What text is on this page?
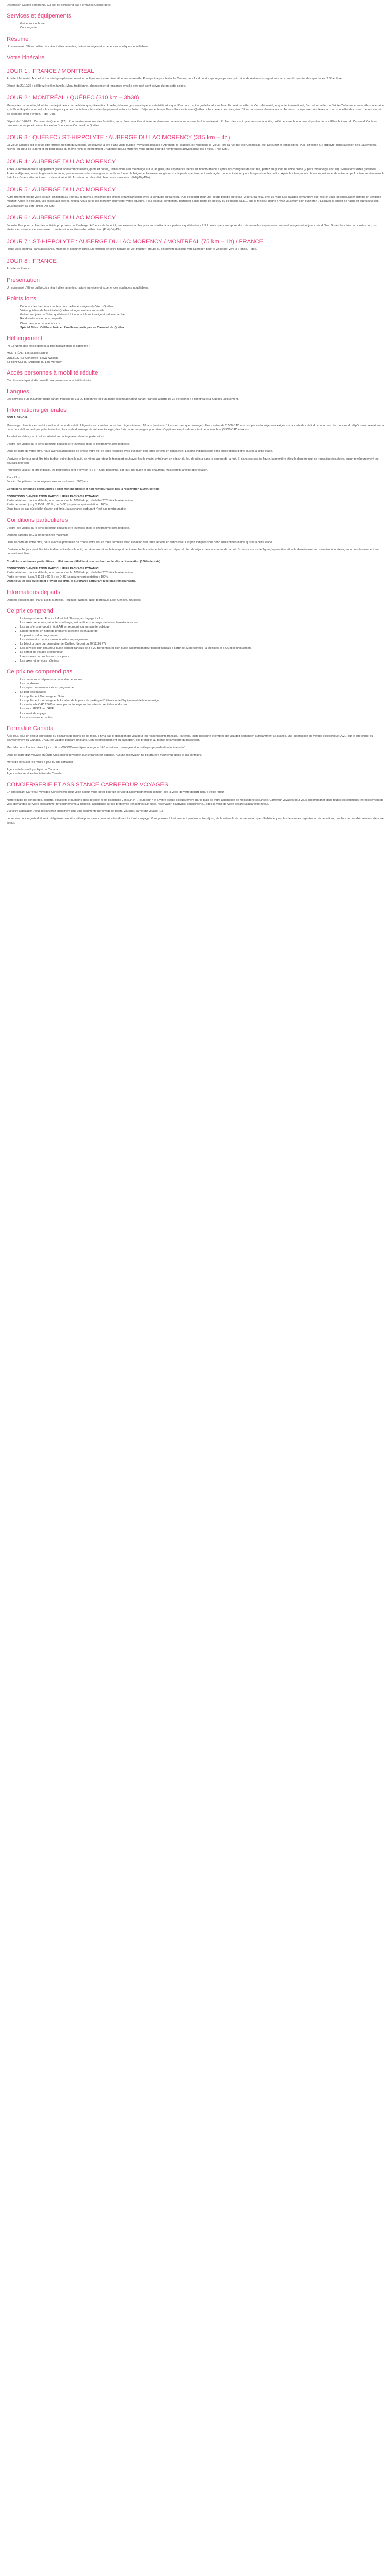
Description Ca prix comprend / Ca prix ne comprend pas Formalités Conciergerie
Services et équipements
• Guide francophone
• Conciergerie
Résumé

Un concentré d'élève québécois mêlant villes animées, nature enneigée et expériences nordiques inoubliables.

Votre itinéraire
JOUR 1 : FRANCE / MONTREAL

Arrivée à Montréal. Accueil et transfert groupé ou en navette publique vers votre hôtel situé au centre-ville. Pourquoi ne pas tester Le Central, ce « food court » qui regroupe une quinzaine de restaurants signatures, au cœur du quartier des spectacles ? Dîner libre.

Départ du 20/12/26 : célébrez Noël en famille. Menu traditionnel, chansonnier et rencontre avec le père noël sont prévus durant cette soirée.

JOUR 2 : MONTRÉAL / QUÉBEC (310 km – 3h30)

Métropole cosmopolite, Montréal marie joliment charme historique, diversité culturelle, richesse gastronomique et créativité artistique. Parcourez, votre guide local vous fera découvrir sa ville : le Vieux-Montréal, le quartier international, l'incontournable rue Sainte-Catherine et sa « ville souterraine », le Mont-Royal surnommé « la montagne » par les montréalais, le stade olympique et sa tour inclinée… Déjeuner et temps libres. Puis route vers Québec, ville cheveuchée française. Dîner dans une cabane à sucre. Au menu : soupe aux pois, fèves aux lards, oreilles de crisse… le tout arrosé de délicieux sirop d'érable. (Pdéj-Dîn).

Départ du 13/02/27 : Carnaval de Québec (12) : Pour ne rien manquer des festivités, votre dîner sera libre et le repas dans une cabane à sucre sera livré le lendemain. Profitez de ce soir pour assister à la fête, coiffé de votre bonhomme et profiter de la célèbre boisson du Carnaval, Caribou, remontez le temps et croisez le célèbre Bonhomme Carnaval de Québec.

JOUR 3 : QUÉBEC / ST-HIPPOLYTE : AUBERGE DU LAC MORENCY (315 km – 4h)

La Vieux-Québec est le seule cité fortifiée au nord du Mexique. Découvrez-la lors d'une visite guidée : voyez les palaces d'Abraham, la citadelle, le Parlement, le Vieux-Port, la rue du Petit-Champlain, etc. Déjeuner et temps libres. Puis, direction St-Hippolyte, dans la région des Laurentides. Nichée au cœur de la forêt et au bord du lac du même nom, l'Hébergement L'Auberge du Lac Morency, vous attend pour de nombreuses activités pour les 4 nuits. (Pdéj-Dîn).

JOUR 4 : AUBERGE DU LAC MORENCY

Après la remise de votre équipement grand froid (combinaisons, gants et bottes), initiez-vous à la motoneige sur le lac gelé, une expérience inédite et incontournable ! Après les consignes de sécurité, partez au guidon de votre bolide (2 pers./motoneige env. 1h). Sensations fortes garanties ! Après le déjeuner, testez la glissade sur tube, promenez-vous dans une grande boule en forme de beignet et laissez-vous glisser sur la pente spécialement aménagée… une activité fun pour les grands et les petits ! Après le dîner, munis de vos raquettes et de votre lampe frontale, redécouvrez la forêt lors d'une sortie nocturne… calme et sérénité. Au retour, un chocolat chaud vous sera servi. (Pdéj-Déj-Dîn).

JOUR 5 : AUBERGE DU LAC MORENCY

Autre moment fort de votre séjour : l'initiation au traîneau à chiens. Rencontre des chiens et familiarisation avec la conduite du traîneau. Puis c'est parti pour une courte balade sur le lac (2 pers./traîneau env. 15 min). Les balades demandent quel rôle et vous fait encourager comme un véritable musher. Après le déjeuner, vos pistes aux poêles, rendez-vous sur le lac Morency pour tester votre équilibre. Pour les plus compétitifs, participez à une partie de hockey ou de ballon-balai… que le meilleur gagne ! Avez-vous faim d'un bûcheron ? Essayez le lancer de hache et autres jeux qui vous mettront au défi ! (Pdéj-Déj-Dîn).

JOUR 6 : AUBERGE DU LAC MORENCY

Journée libre pour profiter des activités proposées par l'auberge. À l'heure de l'apéritif, rendez-vous au bar pour vous initier à la « partance québécoise » ! Nul doute que vous apprendrez de nouvelles expressions, souvent imagées et toujours très drôles. Durant la soirée de construction, un atelier de cuisine et de sous-verre… une tension traditionnelle québécoise. (Pdéj-Déj-Dîn).

JOUR 7 : ST-HIPPOLYTE : AUBERGE DU LAC MORENCY / MONTRÉAL (75 km – 1h) / FRANCE

Route vers Montréal sans assistance. Matinée et déjeuner libres. En fonction de votre horaire de vol, transfert groupé ou en navette publique vers l'aéroport pour le vol retour vers la France. (Pdéj).

JOUR 8 : FRANCE

Arrivée en France.

Présentation

Un concentré d'élève québécois mêlant villes animées, nature enneigée et expériences nordiques inoubliables.

Points forts
• Découvrir le charme enchanteur des rueilles enneigées du Vieux-Québec
• Visites guidées de Montréal et Québec et logement au centre-ville
• Goûter aux joies de l'hiver québécois ! Initiations à la motoneige et traîneau à chien
• Randonnée nocturne en raquette
• Dîner dans une cabane à sucre
• Spécial fêtes : Célébrez Noël en famille ou participez au Carnaval de Québec
Hébergement

(N.L.) Nomo des hôtels donnés à titre indicatif dans la catégorie :

MONTRÉAL : Les Suites Labelle

QUÉBEC : Le Concorde / Royal William

ST-HIPPOLYTE : Auberge du Lac Morency

Accès personnes à mobilité réduite

Circuit non adapté et déconseillé aux personnes à mobilité réduite.

Langues

Les services d'un chauffeur-guide parlant français de 3 à 22 personnes et d'un guide accompagnateur parlant français à partir de 22 personnes ; à Montréal et à Québec uniquement.

Informations générales

BON A SAVOIR

Motoneige : Permis de conduire valide et carte de crédit obligatoire au nom du conducteur : âge minimum: 18 ans (minimum 12 ans en tant que passager). Une caution de 2 500 CAD + taxes, par motoneige sera exigée sur la carte de crédit du conducteur. Le montant du dépôt sera prélevé sur la carte de crédit en tant que préautorisation. En cas de dommage de votre motoneige, des frais de remorquages pourraient s'appliquer en plus du montant de la franchise (3 500 CAD + taxes).

À certaines dates, ce circuit est réalisé en partage avec d'autres partenaires.

L'ordre des visites ou le sens du circuit peuvent être inversés, mais le programme sera respecté.

Dans le cadre de votre offre, nous avons la possibilité de choisir votre vol en toute flexibilité avec évolution des tarifs aériens en temps réel. Les prix indiqués sont donc susceptibles d'être ajustés à cette étape.

L'arrivée le 1er jour peut être très tardive, voire dans la nuit, de même au retour, le transport peut avoir lieu le matin, entraînant un départ du lieu de séjour dans le courant de la nuit. Si dans ces cas de figure, la première et/ou la dernière nuit se trouvaient écourtées, aucun remboursement ne pourrait avoir lieu.

Pourboires usuels : à titre indicatif, les pourboires sont d'environ 4 € à 7 € par personne, par jour, par guide et par chauffeur, mais restent à votre appréciation.

Pack Plus :

Jour 4 : Supplément motoneige en solo sous réserve : 50€/pers.

Conditions aériennes particulières : billet non modifiable et non remboursable dès la réservation (100% de frais)

CONDITIONS D'ANNULATION PARTICULIERE PACKAGE DYNAMIC

Partie aérienne : non modifiable, non remboursable. 100% du prix du billet TTC dû à la réservation.

Partie terrestre : jusqu'à D-31 : 60 % ; de D-30 jusqu'à non présentation : 100%

Dans tous les cas où le billet d'avion est émis, la surcharge carburant n'est pas remboursable.

Conditions particulières

L'ordre des visites ou le sens du circuit peuvent être inversés, mais le programme sera respecté.

Départs garantis de 2 à 30 personnes maximum

Dans le cadre de votre offre, nous avons la possibilité de choisir votre vol en toute flexibilité avec évolution des tarifs aériens en temps réel. Les prix indiqués sont donc susceptibles d'être ajustés à cette étape.

L'arrivée le 1er jour peut être très tardive, voire dans la nuit, de même au retour, le transport peut avoir lieu le matin, entraînant un départ du lieu de séjour dans le courant de la nuit. Si dans ces cas de figure, la première et/ou la dernière nuit se trouvaient écourtées, aucun remboursement ne pourrait avoir lieu.

Conditions aériennes particulières : billet non modifiable et non remboursable dès la réservation (100% de frais)

CONDITIONS D'ANNULATION PARTICULIERE PACKAGE DYNAMIC

Partie aérienne : non modifiable, non remboursable. 100% du prix du billet TTC dû à la réservation.

Partie terrestre : jusqu'à D-31 : 60 % ; de D-30 jusqu'à non présentation : 100%

Dans tous les cas où le billet d'avion est émis, la surcharge carburant n'est pas remboursable.

Informations départs

Départs possibles de : Paris, Lyon, Marseille, Toulouse, Nantes, Nice, Bordeaux, Lille, Geneve, Bruxelles

Ce prix comprend
• Le transport aérien France / Montréal / France, en bagage inclus
• Les taxes aériennes, sécurité, surcharge, solidarité et surcharge carburant terrestre à ce jour
• Les transferts aéroport / hôtel A/R en regroupé ou en navette publique
• L'hébergement en hôtel de première catégorie et en auberge
• La pension selon programme
• Les visites et excursions mentionnées au programme
• Le bitout groupe pur permuteur de Québec (départ du 20/12/26 ??)
• Les services d'un chauffeur-guide parlant français de 3 à 22 personnes et d'un guide accompagnateur parlant français à partir de 23 personnes ; à Montréal et à Québec uniquement
• Le carnet de voyage électronique
• L'assistance de nos bureaux sur place
• Les taxes et services hôteliers.
Ce prix ne comprend pas
• Les boissons et dépenses à caractère personnel
• Les pourboires
• Les repas non mentionnés au programme
• Le port des bagages
• Le supplément Motoneige en Solo
• Le supplément motoneige et la location de la place de parking et l'utilisation de l'équipement de la motoneige
• La caution de CAD 2 500 + taxes par motoneige sur la carte de crédit du conducteur.
• Les frais d'ESTA ou d'AVE
• Le carnet de voyage
• Les assurances en option
Formalité Canada

À ce jour, pour un séjour touristique ou d'affaires de moins de six mois, il n'y a pas d'obligation de visa pour les ressortissants français. Toutefois, toute personne exemptée de visa doit demander, suffisamment à l'avance, une autorisation de voyage électronique (AVE) sur le site officiel du gouvernement du Canada. L'AVE est valable pendant cinq ans. Lien électroniquement au passeport, elle prend fin au terme de la validité du passeport.

Merci de consulter les mises à jour : https://XXXXXwww.diplomatie.gouv.fr/fr/conseils-aux-voyageurs/conseils-par-pays-destination/canada/

Dans le cadre d'un voyage en États-Unis, merci de vérifier que le transit est autorisé. Aucune réservation ne pourra être maintenue dans le cas contraire.

Merci de consulter les mises à jour du site canadien :

Agence de la santé publique du Canada

Agence des services frontaliers du Canada

CONCIERGERIE ET ASSISTANCE CARREFOUR VOYAGES

En choisissant Carrefour Voyages Conciergerie pour votre séjour, vous optez pour un service d'accompagnement complet dès la veille de votre départ jusqu'à votre retour.

Notre équipe de concierges, experte, polyglotte et humaine (pas de robot !) est disponible 24h sur 24, 7 jours sur 7 et à votre écoute exclusivement par le biais de votre application de messagerie sécurisée, Carrefour Voyages pour vous accompagner dans toutes les situations (enregistrement de vols, demandes sur votre programme, renseignements & conseils, assistance sur les problèmes rencontrés sur place, réservation d'activités, conciergerie…) dès la veille de votre départ jusqu'à votre retour.

Vla votre application, vous retrouverez également tous vos documents de voyage (e-billets, voucher, carnet de voyage, …).

Le service conciergerie doit venir obligatoirement être utilisé pour toute communication durant tout votre voyage. Vous pourrez à tout moment pendant votre séjour, via le même fil de conversation que d'habitude, pour les demandes urgentes ou réclamations, des lors de bon déroulement de votre séjour.
